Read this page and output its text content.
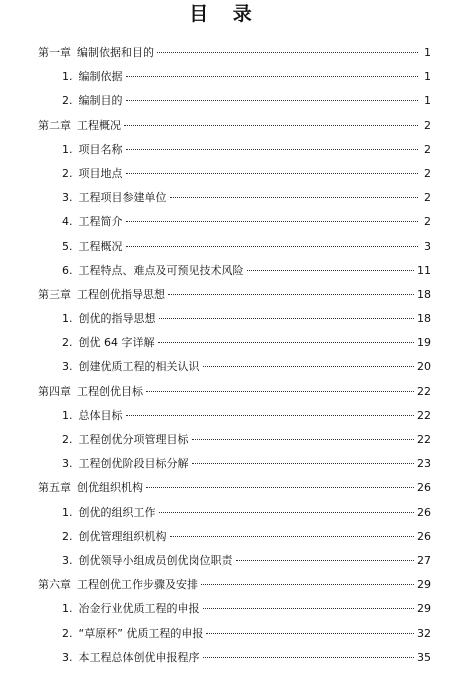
目 录
第一章 编制依据和目的	1
1. 编制依据	1
2. 编制目的	1
第二章 工程概况	2
1. 项目名称	2
2. 项目地点	2
3. 工程项目参建单位	2
4. 工程简介	2
5. 工程概况	3
6. 工程特点、难点及可预见技术风险	11
第三章 工程创优指导思想	18
1. 创优的指导思想	18
2. 创优 64 字详解	19
3. 创建优质工程的相关认识	20
第四章 工程创优目标	22
1. 总体目标	22
2. 工程创优分项管理目标	22
3. 工程创优阶段目标分解	23
第五章 创优组织机构	26
1. 创优的组织工作	26
2. 创优管理组织机构	26
3. 创优领导小组成员创优岗位职责	27
第六章 工程创优工作步骤及安排	29
1. 冶金行业优质工程的申报	29
2. “草原杯” 优质工程的申报	32
3. 本工程总体创优申报程序	35
